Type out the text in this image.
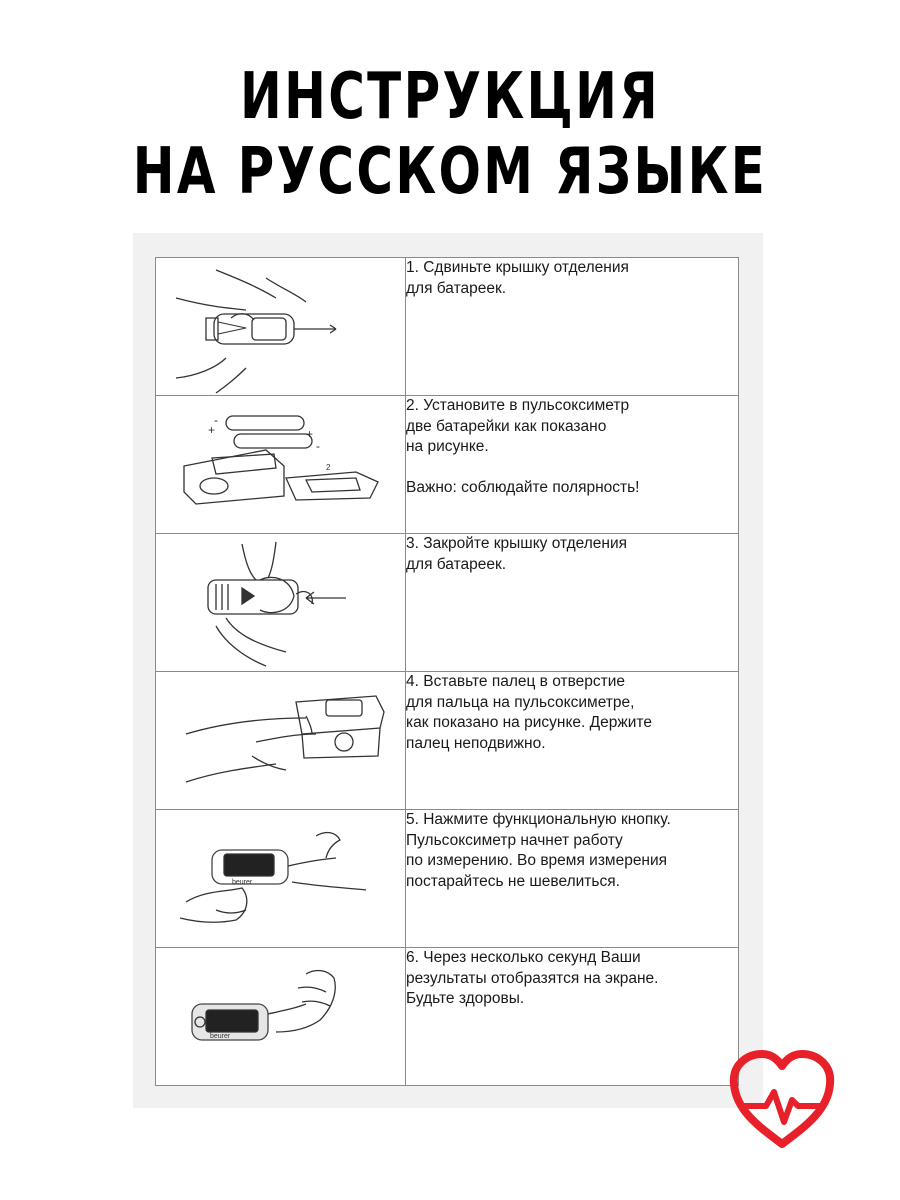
ИНСТРУКЦИЯ
НА РУССКОМ ЯЗЫКЕ
	1. Сдвиньте крышку отделения
для батареек.

-
+ +
-
2	2. Установите в пульсоксиметр
две батарейки как показано
на рисунке.

Важно: соблюдайте полярность!

	3. Закройте крышку отделения
для батареек.

	4. Вставьте палец в отверстие
для пальца на пульсоксиметре,
как показано на рисунке. Держите
палец неподвижно.

beurer	5. Нажмите функциональную кнопку.
Пульсоксиметр начнет работу
по измерению. Во время измерения
постарайтесь не шевелиться.

beurer	6. Через несколько секунд Ваши
результаты отобразятся на экране.
Будьте здоровы.
